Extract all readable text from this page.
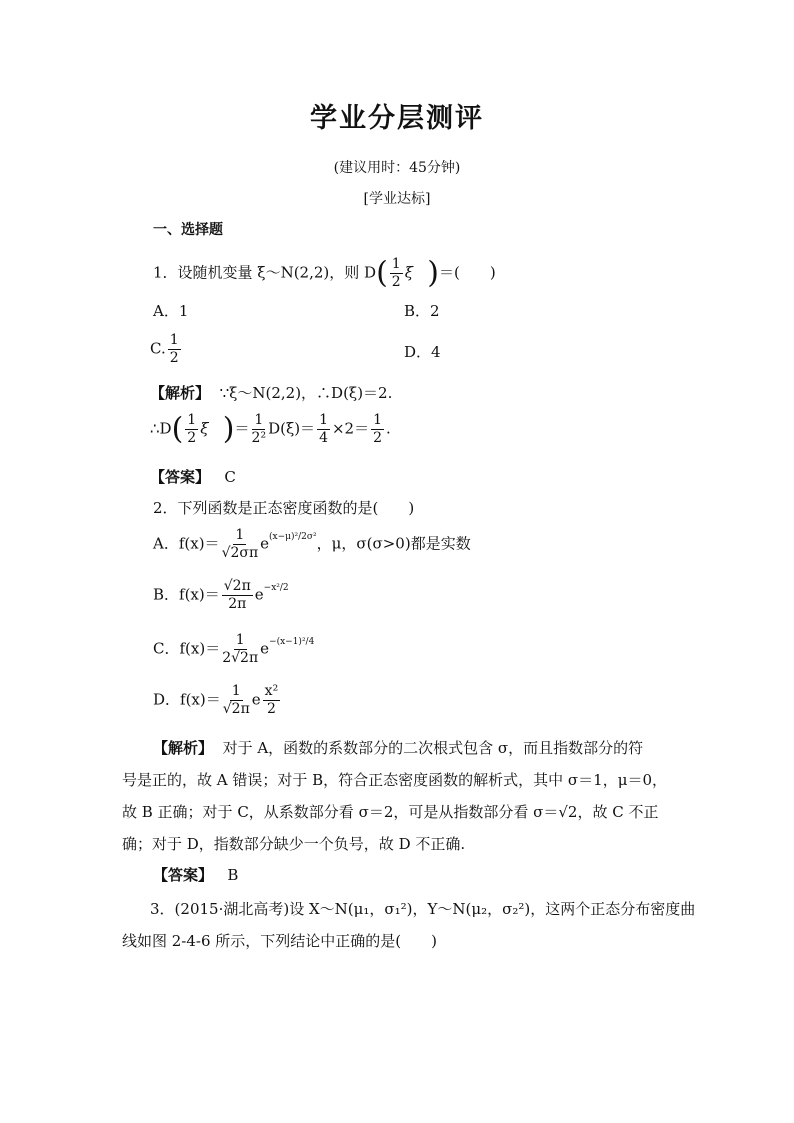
学业分层测评
(建议用时：45分钟)
[学业达标]
一、选择题
1．设随机变量 ξ～N(2,2)，则 $D( \frac{1}{2}$ ξ )＝(　　)
A．1	B．2
C. $\frac{1}{2}$	D．4
【解析】 ∵ξ～N(2,2)，∴D(ξ)＝2.
∴D( $\frac{1}{2}$ ξ )＝ $\frac{1}{\text{2²}} D(\xi)= \frac{1}{4} \times 2= \frac{1}{2}$ .
【答案】 C
2．下列函数是正态密度函数的是(　　)
A．$f(x)= \frac{1}{√2\sigma\pi} e(x-\mu)^2/2\sigma^2$，μ，σ(σ>0)都是实数
B．$f(x)= \frac{√2\pi}{2\pi} e-x^2/2$
C．$f(x)= \frac{1}{2√2\pi} e-(x-1)^2/4$
D．$f(x)= \frac{1}{√2\pi}$ e $\frac{\text{x²}}{2}$
【解析】 对于 A，函数的系数部分的二次根式包含 σ，而且指数部分的符
号是正的，故 A 错误；对于 B，符合正态密度函数的解析式，其中 σ＝1，μ＝0，
故 B 正确；对于 C，从系数部分看 σ＝2，可是从指数部分看 σ＝√2，故 C 不正
确；对于 D，指数部分缺少一个负号，故 D 不正确.
【答案】 B
3．(2015·湖北高考)设 X～N(μ₁，σ₁²)，Y～N(μ₂，σ₂²)，这两个正态分布密度曲
线如图 2-4-6 所示，下列结论中正确的是(　　)
